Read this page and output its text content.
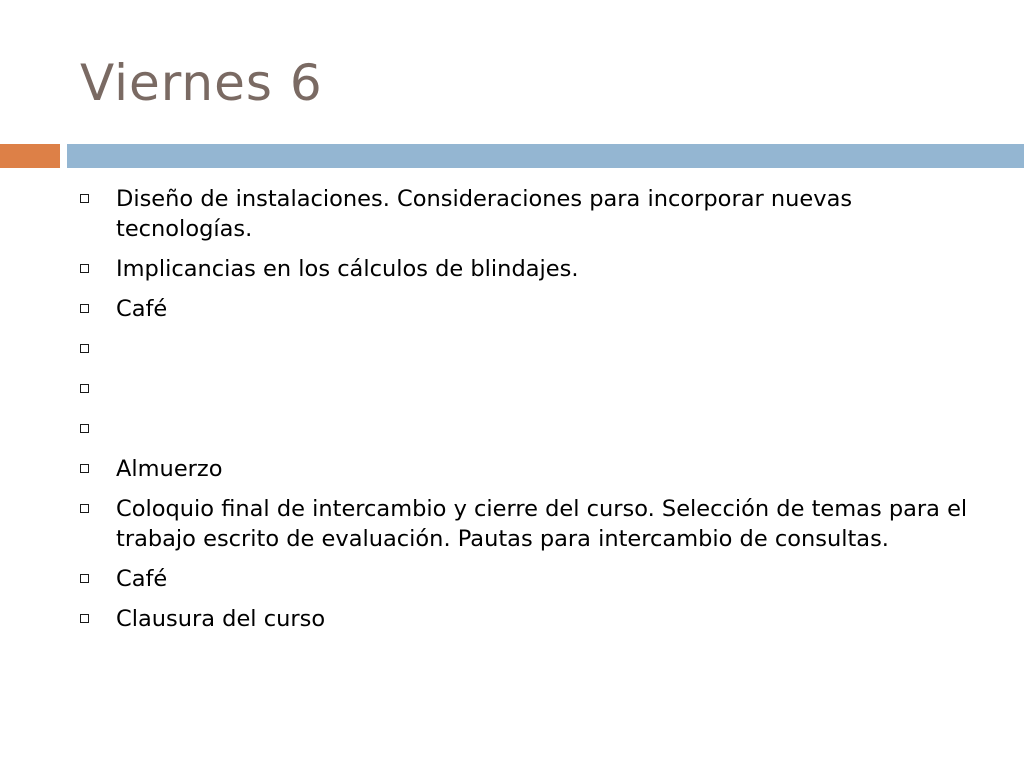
Viernes 6
Diseño de instalaciones. Consideraciones para incorporar nuevas tecnologías.
Implicancias en los cálculos de blindajes.
Café
Almuerzo
Coloquio final de intercambio y cierre del curso. Selección de temas para el trabajo escrito de evaluación. Pautas para intercambio de consultas.
Café
Clausura del curso
